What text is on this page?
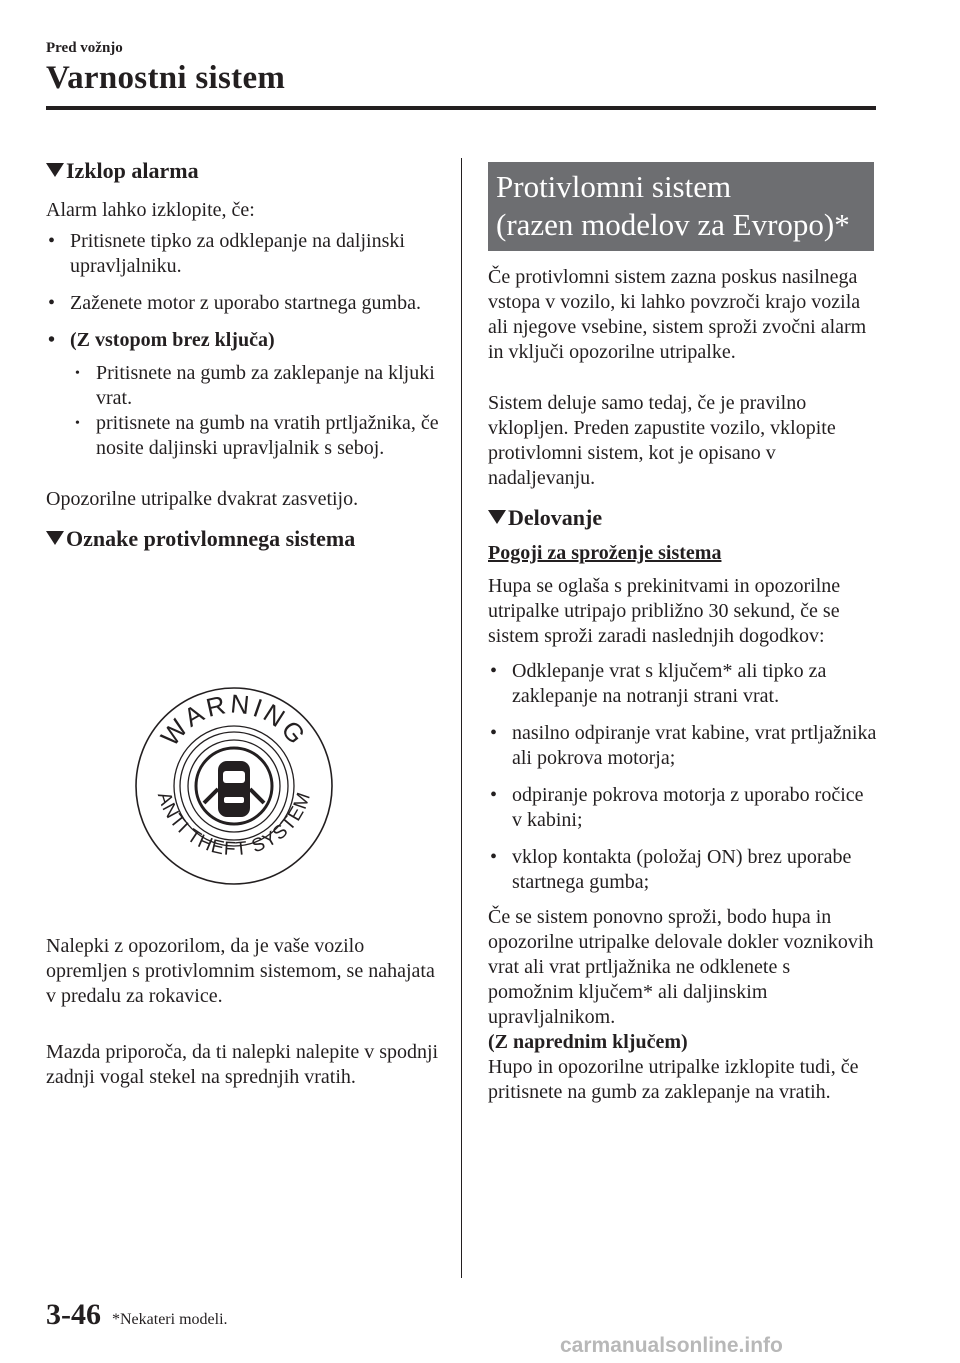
Pred vožnjo
Varnostni sistem
Izklop alarma

Alarm lahko izklopite, če:

• Pritisnete tipko za odklepanje na daljinski upravljalniku.
• Zaženete motor z uporabo startnega gumba.
• (Z vstopom brez ključa)
• Pritisnete na gumb za zaklepanje na kljuki vrat.
• pritisnete na gumb na vratih prtljažnika, če nosite daljinski upravljalnik s seboj.

Opozorilne utripalke dvakrat zasvetijo.

Oznake protivlomnega sistema

Nalepki z opozorilom, da je vaše vozilo opremljen s protivlomnim sistemom, se nahajata v predalu za rokavice.

Mazda priporoča, da ti nalepki nalepite v spodnji zadnji vogal stekel na sprednjih vratih.

WARNING
ANTI THEFT SYSTEM
Protivlomni sistem
(razen modelov za Evropo)*

Če protivlomni sistem zazna poskus nasilnega vstopa v vozilo, ki lahko povzroči krajo vozila ali njegove vsebine, sistem sproži zvočni alarm in vključi opozorilne utripalke.

Sistem deluje samo tedaj, če je pravilno vklopljen. Preden zapustite vozilo, vklopite protivlomni sistem, kot je opisano v nadaljevanju.

Delovanje

Pogoji za sproženje sistema

Hupa se oglaša s prekinitvami in opozorilne utripalke utripajo približno 30 sekund, če se sistem sproži zaradi naslednjih dogodkov:

• Odklepanje vrat s ključem* ali tipko za zaklepanje na notranji strani vrat.
• nasilno odpiranje vrat kabine, vrat prtljažnika ali pokrova motorja;
• odpiranje pokrova motorja z uporabo ročice v kabini;
• vklop kontakta (položaj ON) brez uporabe startnega gumba;

Če se sistem ponovno sproži, bodo hupa in opozorilne utripalke delovale dokler voznikovih vrat ali vrat prtljažnika ne odklenete s pomožnim ključem* ali daljinskim upravljalnikom.

(Z naprednim ključem)

Hupo in opozorilne utripalke izklopite tudi, če pritisnete na gumb za zaklepanje na vratih.

3-46 *Nekateri modeli.
carmanualsonline.info
